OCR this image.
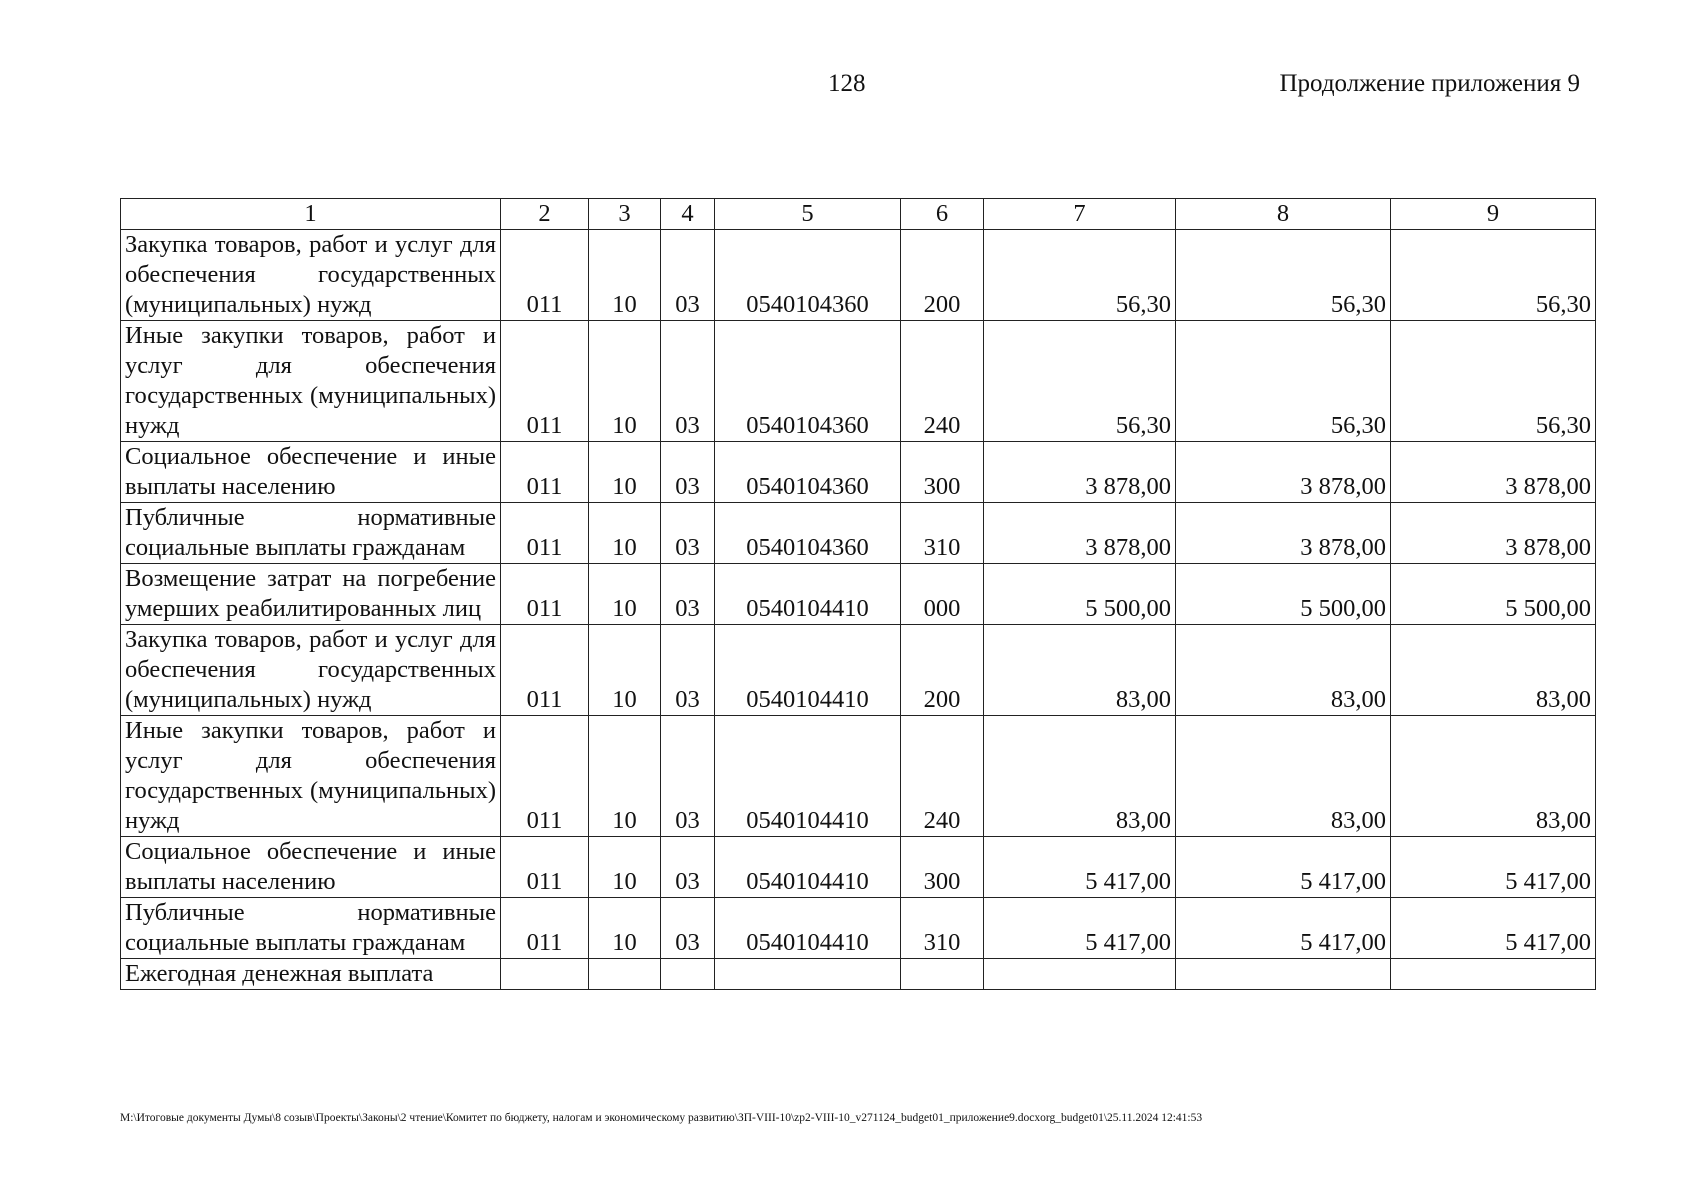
128	Продолжение приложения 9
1	2	3	4	5	6	7	8	9
Закупка товаров, работ и услуг для обеспечения государственных (муниципальных) нужд	011	10	03	0540104360	200	56,30	56,30	56,30
Иные закупки товаров, работ и услуг для обеспечения государственных (муниципальных) нужд	011	10	03	0540104360	240	56,30	56,30	56,30
Социальное обеспечение и иные выплаты населению	011	10	03	0540104360	300	3 878,00	3 878,00	3 878,00
Публичные нормативные социальные выплаты гражданам	011	10	03	0540104360	310	3 878,00	3 878,00	3 878,00
Возмещение затрат на погребение умерших реабилитированных лиц	011	10	03	0540104410	000	5 500,00	5 500,00	5 500,00
Закупка товаров, работ и услуг для обеспечения государственных (муниципальных) нужд	011	10	03	0540104410	200	83,00	83,00	83,00
Иные закупки товаров, работ и услуг для обеспечения государственных (муниципальных) нужд	011	10	03	0540104410	240	83,00	83,00	83,00
Социальное обеспечение и иные выплаты населению	011	10	03	0540104410	300	5 417,00	5 417,00	5 417,00
Публичные нормативные социальные выплаты гражданам	011	10	03	0540104410	310	5 417,00	5 417,00	5 417,00
Ежегодная денежная выплата								
M:\Итоговые документы Думы\8 созыв\Проекты\Законы\2 чтение\Комитет по бюджету, налогам и экономическому развитию\ЗП-VIII-10\zp2-VIII-10_v271124_budget01_приложение9.docxorg_budget01\25.11.2024 12:41:53
